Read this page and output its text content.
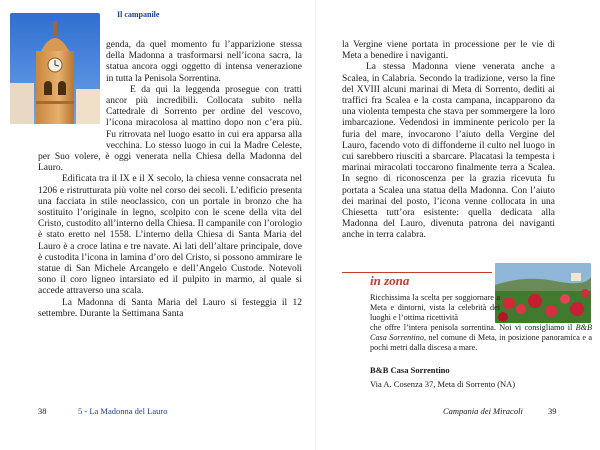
Il campanile

genda, da quel momento fu l’apparizione stessa della Madonna a trasformarsi nell’icona sacra, la statua ancora oggi oggetto di intensa venerazione in tutta la Penisola Sorrentina.

E da qui la leggenda prosegue con tratti ancor più incredibili. Collocata subito nella Cattedrale di Sorrento per ordine del vescovo, l’icona miracolosa al mattino dopo non c’era più. Fu ritrovata nel luogo esatto in cui era apparsa alla vecchina. Lo stesso luogo in cui la Madre Celeste, per Suo volere, è oggi venerata nella Chiesa della Madonna del Lauro.

Edificata tra il IX e il X secolo, la chiesa venne consacrata nel 1206 e ristrutturata più volte nel corso dei secoli. L’edificio presenta una facciata in stile neoclassico, con un portale in bronzo che ha sostituito l’originale in legno, scolpito con le scene della vita del Cristo, custodito all’interno della Chiesa. Il campanile con l’orologio è stato eretto nel 1558. L’interno della Chiesa di Santa Maria del Lauro è a croce latina e tre navate. Ai lati dell’altare principale, dove è custodita l’icona in lamina d’oro del Cristo, si possono ammirare le statue di San Michele Arcangelo e dell’Angelo Custode. Notevoli sono il coro ligneo intarsiato ed il pulpito in marmo, al quale si accede attraverso una scala.

La Madonna di Santa Maria del Lauro si festeggia il 12 settembre. Durante la Settimana Santa

la Vergine viene portata in processione per le vie di Meta a benedire i naviganti.

La stessa Madonna viene venerata anche a Scalea, in Calabria. Secondo la tradizione, verso la fine del XVIII alcuni marinai di Meta di Sorrento, dediti ai traffici fra Scalea e la costa campana, incapparono da una violenta tempesta che stava per sommergere la loro imbarcazione. Vedendosi in imminente pericolo per la furia del mare, invocarono l’aiuto della Vergine del Lauro, facendo voto di diffonderne il culto nel luogo in cui sarebbero riusciti a sbarcare. Placatasi la tempesta i marinai miracolati toccarono finalmente terra a Scalea. In segno di riconoscenza per la grazia ricevuta fu portata a Scalea una statua della Madonna. Con l’aiuto dei marinai del posto, l’icona venne collocata in una Chiesetta tutt’ora esistente: quella dedicata alla Madonna del Lauro, divenuta patrona dei naviganti anche in terra calabra.

in zona
Ricchissima la scelta per soggiornare a Meta e dintorni, vista la celebrità dei luoghi e l’ottima ricettività
che offre l’intera penisola sorrentina. Noi vi consigliamo il B&B Casa Sorrentino, nel comune di Meta, in posizione panoramica e a pochi metri dalla discesa a mare.
B&B Casa Sorrentino
Via A. Cosenza 37, Meta di Sorrento (NA)
38	5 - La Madonna del Lauro	Campania dei Miracoli	39
